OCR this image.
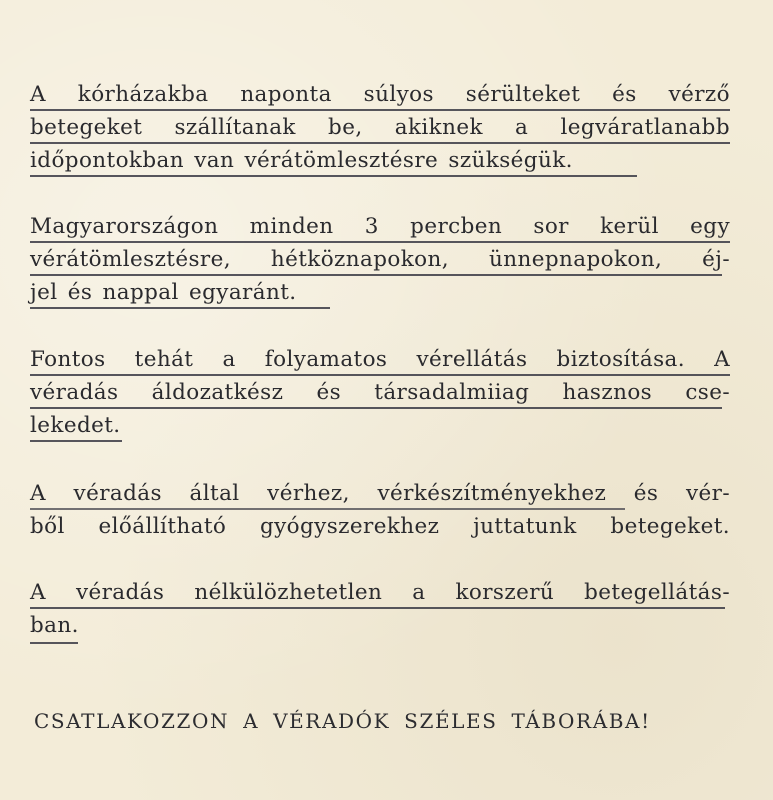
A kórházakba naponta súlyos sérülteket és vérző
betegeket szállítanak be, akiknek a legváratlanabb
időpontokban van vérátömlesztésre szükségük.
Magyarországon minden 3 percben sor kerül egy
vérátömlesztésre, hétköznapokon, ünnepnapokon, éj-
jel és nappal egyaránt.
Fontos tehát a folyamatos vérellátás biztosítása. A
véradás áldozatkész és társadalmiiag hasznos cse-
lekedet.
A véradás által vérhez, vérkészítményekhez és vér-
ből előállítható gyógyszerekhez juttatunk betegeket.
A véradás nélkülözhetetlen a korszerű betegellátás-
ban.
CSATLAKOZZON A VÉRADÓK SZÉLES TÁBORÁBA!
